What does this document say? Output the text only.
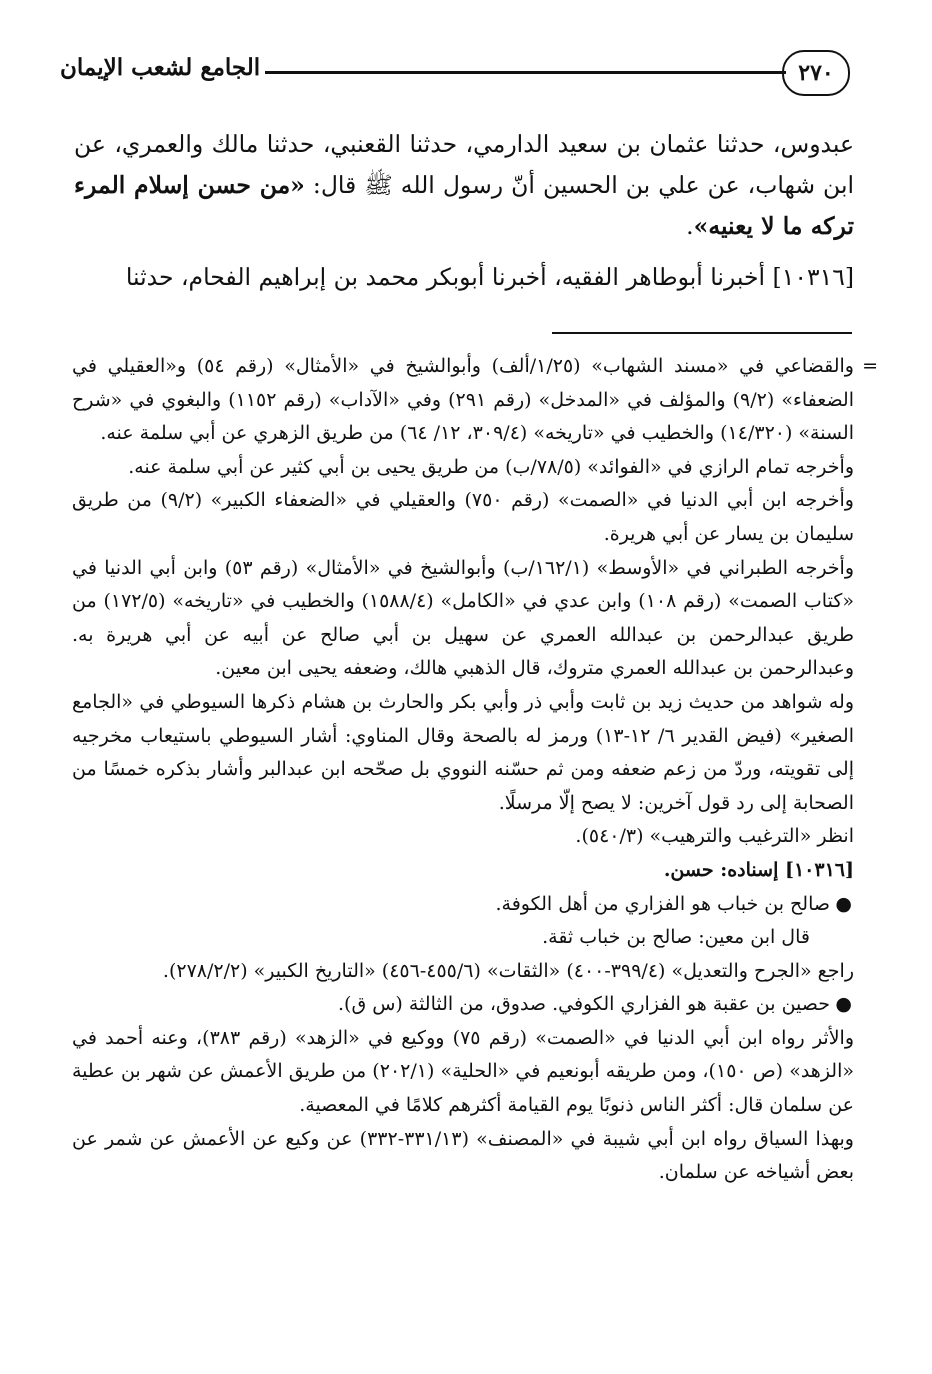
٢٧٠
الجامع لشعب الإيمان

عبدوس، حدثنا عثمان بن سعيد الدارمي، حدثنا القعنبي، حدثنا مالك والعمري، عن ابن شهاب، عن علي بن الحسين أنّ رسول الله ﷺ قال: «من حسن إسلام المرء تركه ما لا يعنيه».

[١٠٣١٦] أخبرنا أبوطاهر الفقيه، أخبرنا أبوبكر محمد بن إبراهيم الفحام، حدثنا

=

والقضاعي في «مسند الشهاب» (١/٢٥/ألف) وأبوالشيخ في «الأمثال» (رقم ٥٤) و«العقيلي في الضعفاء» (٩/٢) والمؤلف في «المدخل» (رقم ٢٩١) وفي «الآداب» (رقم ١١٥٢) والبغوي في «شرح السنة» (١٤/٣٢٠) والخطيب في «تاريخه» (٣٠٩/٤، ١٢/ ٦٤) من طريق الزهري عن أبي سلمة عنه.

وأخرجه تمام الرازي في «الفوائد» (٧٨/٥/ب) من طريق يحيى بن أبي كثير عن أبي سلمة عنه.

وأخرجه ابن أبي الدنيا في «الصمت» (رقم ٧٥٠) والعقيلي في «الضعفاء الكبير» (٩/٢) من طريق سليمان بن يسار عن أبي هريرة.

وأخرجه الطبراني في «الأوسط» (١٦٢/١/ب) وأبوالشيخ في «الأمثال» (رقم ٥٣) وابن أبي الدنيا في «كتاب الصمت» (رقم ١٠٨) وابن عدي في «الكامل» (١٥٨٨/٤) والخطيب في «تاريخه» (١٧٢/٥) من طريق عبدالرحمن بن عبدالله العمري عن سهيل بن أبي صالح عن أبيه عن أبي هريرة به. وعبدالرحمن بن عبدالله العمري متروك، قال الذهبي هالك، وضعفه يحيى ابن معين.

وله شواهد من حديث زيد بن ثابت وأبي ذر وأبي بكر والحارث بن هشام ذكرها السيوطي في «الجامع الصغير» (فيض القدير ٦/ ١٢-١٣) ورمز له بالصحة وقال المناوي: أشار السيوطي باستيعاب مخرجيه إلى تقويته، وردّ من زعم ضعفه ومن ثم حسّنه النووي بل صحّحه ابن عبدالبر وأشار بذكره خمسًا من الصحابة إلى رد قول آخرين: لا يصح إلّا مرسلًا.

انظر «الترغيب والترهيب» (٥٤٠/٣).

[١٠٣١٦] إسناده: حسن.

●
صالح بن خباب هو الفزاري من أهل الكوفة.

قال ابن معين: صالح بن خباب ثقة.

راجع «الجرح والتعديل» (٣٩٩/٤-٤٠٠) «الثقات» (٤٥٥/٦-٤٥٦) «التاريخ الكبير» (٢٧٨/٢/٢).

●
حصين بن عقبة هو الفزاري الكوفي. صدوق، من الثالثة (س ق).

والأثر رواه ابن أبي الدنيا في «الصمت» (رقم ٧٥) ووكيع في «الزهد» (رقم ٣٨٣)، وعنه أحمد في «الزهد» (ص ١٥٠)، ومن طريقه أبونعيم في «الحلية» (٢٠٢/١) من طريق الأعمش عن شهر بن عطية عن سلمان قال: أكثر الناس ذنوبًا يوم القيامة أكثرهم كلامًا في المعصية.

وبهذا السياق رواه ابن أبي شيبة في «المصنف» (٣٣١/١٣-٣٣٢) عن وكيع عن الأعمش عن شمر عن بعض أشياخه عن سلمان.
